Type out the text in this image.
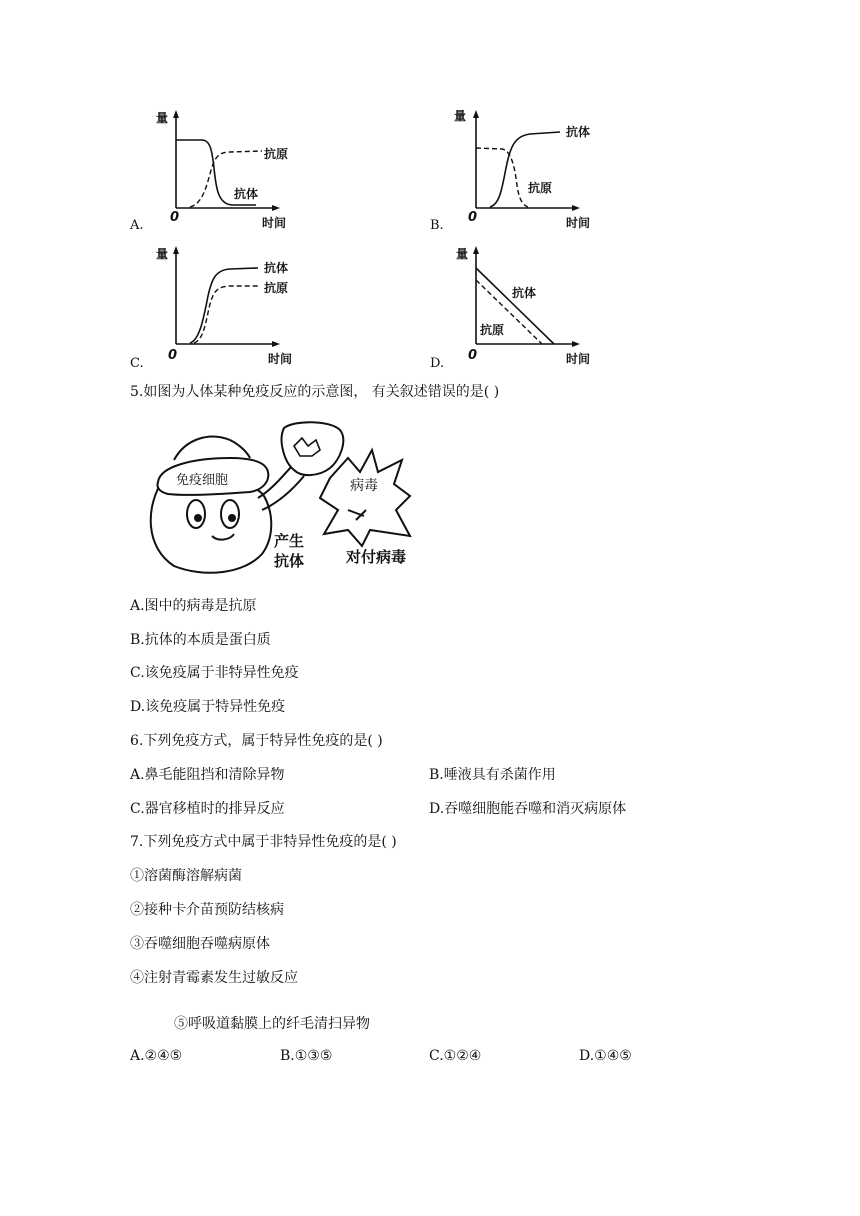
A.
量
0	时间
抗原
抗体
B.
量
0	时间
抗体
抗原
C.
量
0	时间
抗体
抗原
D.
量
0	时间
抗体
抗原
5.如图为人体某种免疫反应的示意图， 有关叙述错误的是( )
病毒
免疫细胞
产生
抗体	对付病毒
A.图中的病毒是抗原
B.抗体的本质是蛋白质
C.该免疫属于非特异性免疫
D.该免疫属于特异性免疫
6.下列免疫方式，属于特异性免疫的是( )
A.鼻毛能阻挡和清除异物	B.唾液具有杀菌作用
C.器官移植时的排异反应	D.吞噬细胞能吞噬和消灭病原体
7.下列免疫方式中属于非特异性免疫的是( )
①溶菌酶溶解病菌
②接种卡介苗预防结核病
③吞噬细胞吞噬病原体
④注射青霉素发生过敏反应
⑤呼吸道黏膜上的纤毛清扫异物
A.②④⑤	B.①③⑤	C.①②④	D.①④⑤
